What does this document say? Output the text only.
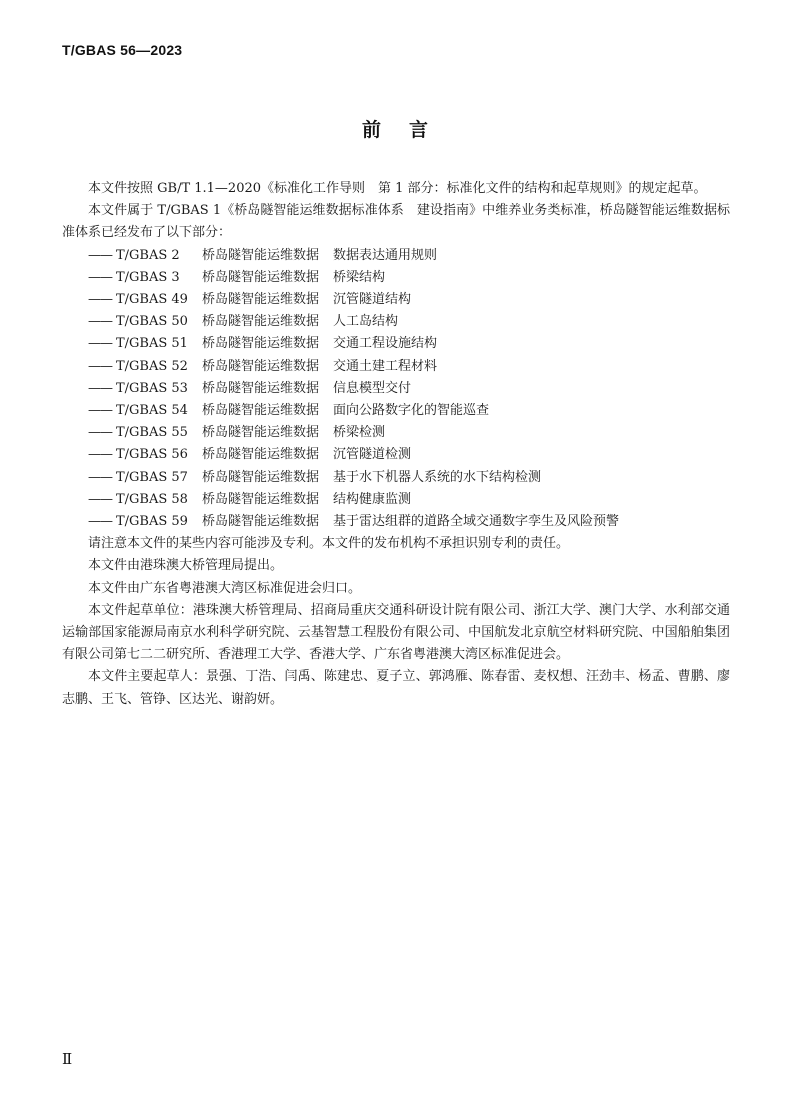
T/GBAS 56—2023
前言

本文件按照 GB/T 1.1—2020《标准化工作导则　第 1 部分：标准化文件的结构和起草规则》的规定起草。

本文件属于 T/GBAS 1《桥岛隧智能运维数据标准体系　建设指南》中维养业务类标准，桥岛隧智能运维数据标准体系已经发布了以下部分：

—— T/GBAS 2 桥岛隧智能运维数据 数据表达通用规则
—— T/GBAS 3 桥岛隧智能运维数据 桥梁结构
—— T/GBAS 49 桥岛隧智能运维数据 沉管隧道结构
—— T/GBAS 50 桥岛隧智能运维数据 人工岛结构
—— T/GBAS 51 桥岛隧智能运维数据 交通工程设施结构
—— T/GBAS 52 桥岛隧智能运维数据 交通土建工程材料
—— T/GBAS 53 桥岛隧智能运维数据 信息模型交付
—— T/GBAS 54 桥岛隧智能运维数据 面向公路数字化的智能巡查
—— T/GBAS 55 桥岛隧智能运维数据 桥梁检测
—— T/GBAS 56 桥岛隧智能运维数据 沉管隧道检测
—— T/GBAS 57 桥岛隧智能运维数据 基于水下机器人系统的水下结构检测
—— T/GBAS 58 桥岛隧智能运维数据 结构健康监测
—— T/GBAS 59 桥岛隧智能运维数据 基于雷达组群的道路全域交通数字孪生及风险预警

请注意本文件的某些内容可能涉及专利。本文件的发布机构不承担识别专利的责任。

本文件由港珠澳大桥管理局提出。

本文件由广东省粤港澳大湾区标准促进会归口。

本文件起草单位：港珠澳大桥管理局、招商局重庆交通科研设计院有限公司、浙江大学、澳门大学、水利部交通运输部国家能源局南京水利科学研究院、云基智慧工程股份有限公司、中国航发北京航空材料研究院、中国船舶集团有限公司第七二二研究所、香港理工大学、香港大学、广东省粤港澳大湾区标准促进会。

本文件主要起草人：景强、丁浩、闫禹、陈建忠、夏子立、郭鸿雁、陈春雷、麦权想、汪劲丰、杨孟、曹鹏、廖志鹏、王飞、管铮、区达光、谢韵妍。

Ⅱ
